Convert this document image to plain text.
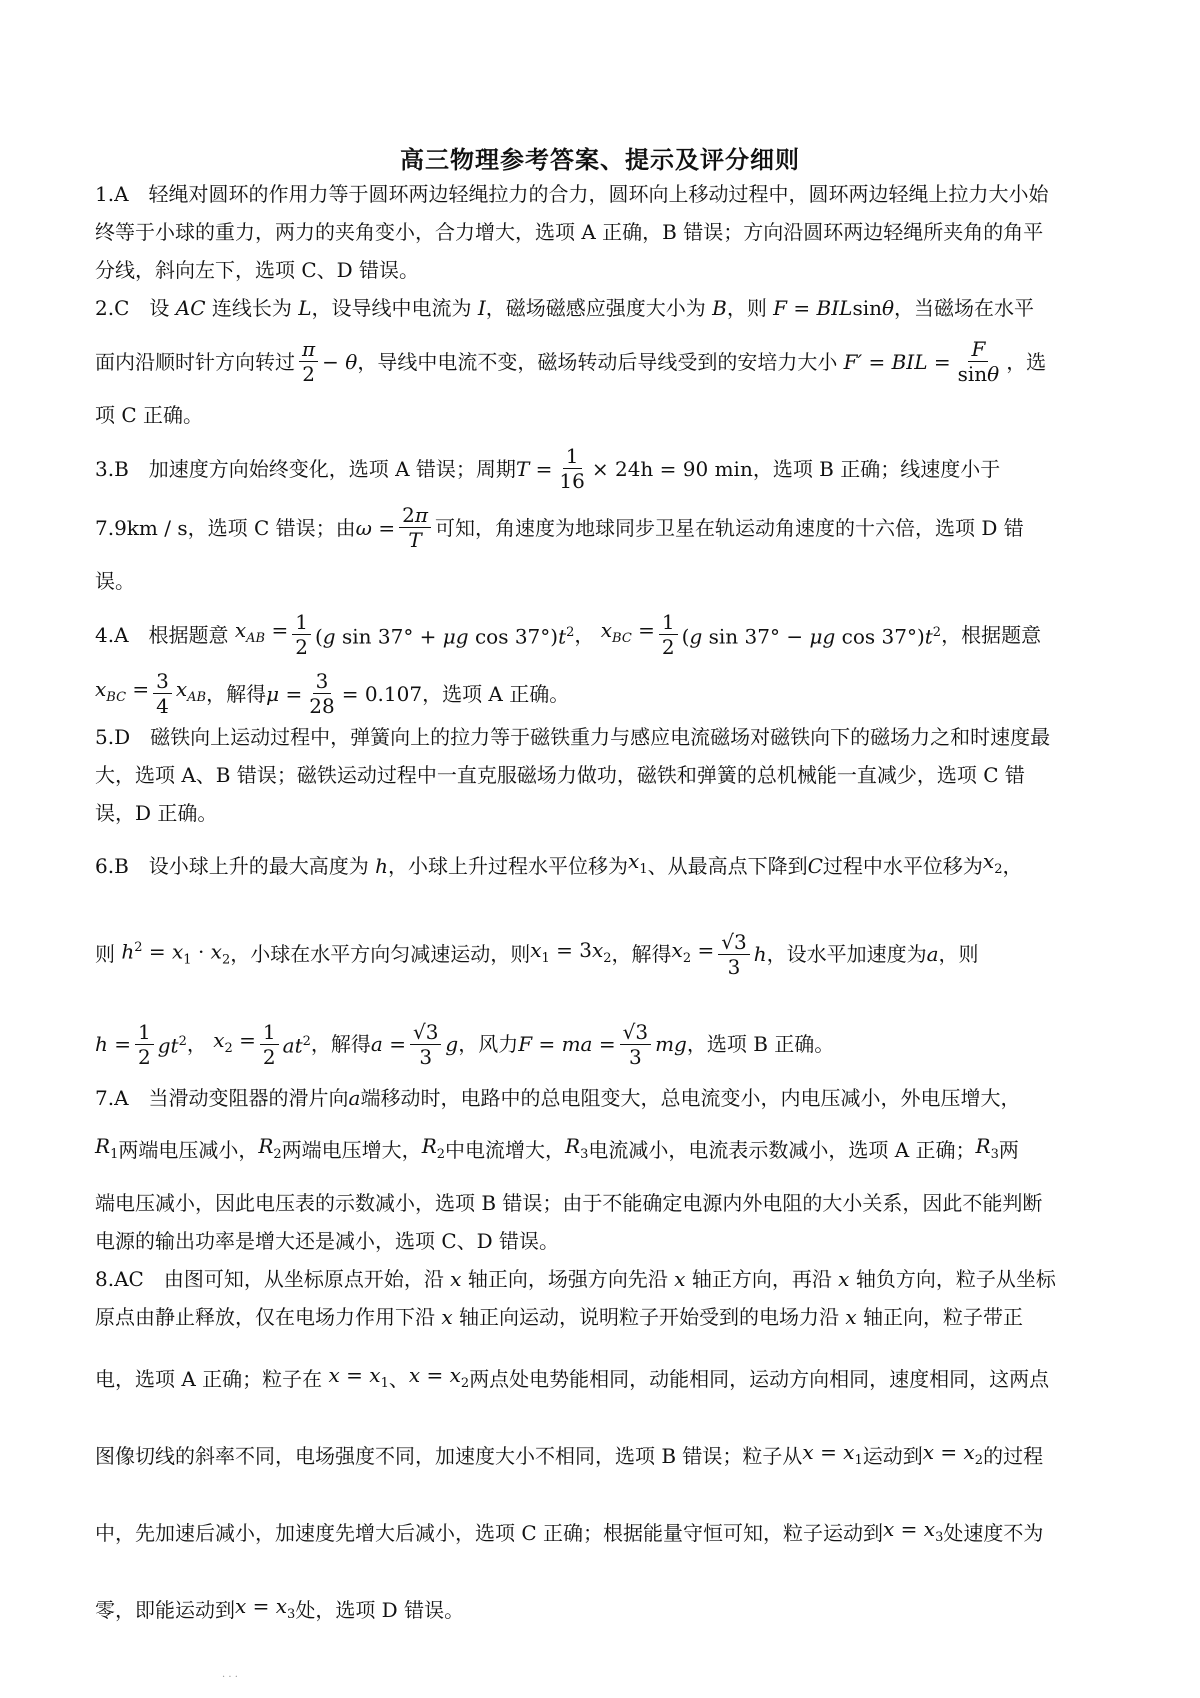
高三物理参考答案、提示及评分细则
1.A　轻绳对圆环的作用力等于圆环两边轻绳拉力的合力，圆环向上移动过程中，圆环两边轻绳上拉力大小始
终等于小球的重力，两力的夹角变小，合力增大，选项 A 正确，B 错误；方向沿圆环两边轻绳所夹角的角平
分线，斜向左下，选项 C、D 错误。
2.C　设 AC 连线长为 L ，设导线中电流为 I ，磁场磁感应强度大小为 B ，则 F = BILsinθ ，当磁场在水平
面内沿顺时针方向转过 $\frac{\pi}{2} - \theta$ ，导线中电流不变，磁场转动后导线受到的安培力大小 F′ = BIL = $\frac{F}{\sin\theta}$ ，选
项 C 正确。
3.B　加速度方向始终变化，选项 A 错误；周期 $T = \frac{1}{16} \times 24h = 90$ min ，选项 B 正确；线速度小于
7.9km / s ，选项 C 错误；由 $\omega = \frac{2\pi}{T}$ 可知，角速度为地球同步卫星在轨运动角速度的十六倍，选项 D 错
误。
4.A　根据题意 $x_{AB} = \frac{1}{2} (g$ sin 37° + μg $\cos 37^\circ)t^2$ ， $x_{BC} = \frac{1}{2} (g$ sin 37° − μg $\cos 37^\circ)t^2$ ，根据题意
$x_{BC} = \frac{3}{4} x_{AB}$ ，解得 $\mu = \frac{3}{28} = 0.107$ ，选项 A 正确。
5.D　磁铁向上运动过程中，弹簧向上的拉力等于磁铁重力与感应电流磁场对磁铁向下的磁场力之和时速度最
大，选项 A、B 错误；磁铁运动过程中一直克服磁场力做功，磁铁和弹簧的总机械能一直减少，选项 C 错
误，D 正确。
6.B　设小球上升的最大高度为 h ，小球上升过程水平位移为 $x_1$ 、从最高点下降到 C 过程中水平位移为 $x_2$ ，
则 $h^2 = x_1 \cdot x_2$ ，小球在水平方向匀减速运动，则 $x_1 = 3x_2$ ，解得 $x_2 = \frac{√3}{3}$ h ，设水平加速度为 a ，则
$h = \frac{1}{2} gt^2$ ， $x_2 = \frac{1}{2} at^2$ ，解得 $a = \frac{√3}{3}$ g ，风力 F = ma = $\frac{√3}{3}$ mg ，选项 B 正确。
7.A　当滑动变阻器的滑片向 a 端移动时，电路中的总电阻变大，总电流变小，内电压减小，外电压增大，
$R_1$ 两端电压减小， $R_2$ 两端电压增大， $R_2$ 中电流增大， $R_3$ 电流减小，电流表示数减小，选项 A 正确； $R_3$ 两
端电压减小，因此电压表的示数减小，选项 B 错误；由于不能确定电源内外电阻的大小关系，因此不能判断
电源的输出功率是增大还是减小，选项 C、D 错误。
8.AC　由图可知，从坐标原点开始，沿 x 轴正向，场强方向先沿 x 轴正方向，再沿 x 轴负方向，粒子从坐标
原点由静止释放，仅在电场力作用下沿 x 轴正向运动，说明粒子开始受到的电场力沿 x 轴正向，粒子带正
电，选项 A 正确；粒子在 $x = x_1$ 、 $x = x_2$ 两点处电势能相同，动能相同，运动方向相同，速度相同，这两点
图像切线的斜率不同，电场强度不同，加速度大小不相同，选项 B 错误；粒子从 $x = x_1$ 运动到 $x = x_2$ 的过程
中，先加速后减小，加速度先增大后减小，选项 C 正确；根据能量守恒可知，粒子运动到 $x = x_3$ 处速度不为
零，即能运动到 $x = x_3$ 处，选项 D 错误。
· · ·
